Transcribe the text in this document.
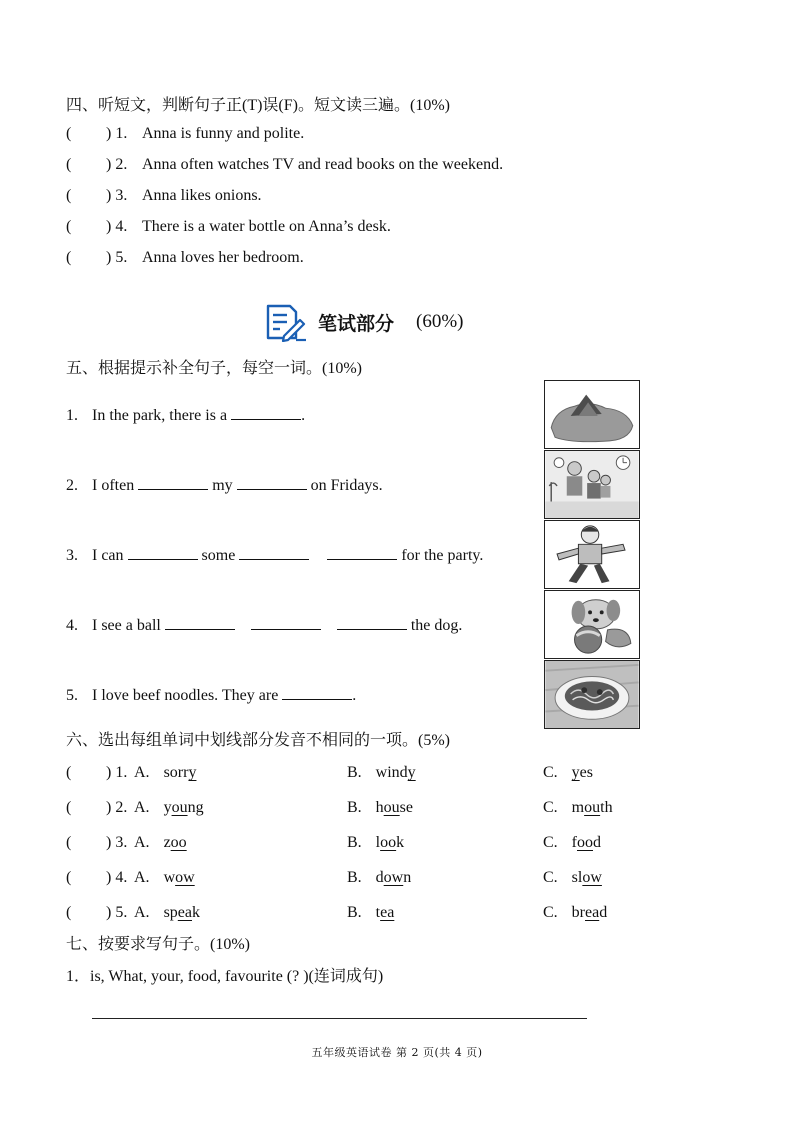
四、听短文，判断句子正(T)误(F)。短文读三遍。(10%)
( ) 1. Anna is funny and polite.
( ) 2. Anna often watches TV and read books on the weekend.
( ) 3. Anna likes onions.
( ) 4. There is a water bottle on Anna’s desk.
( ) 5. Anna loves her bedroom.
笔试部分 (60%)
五、根据提示补全句子，每空一词。(10%)
1. In the park, there is a	.
2. I often	my	on Fridays.
3. I can	some	for the party.
4. I see a ball	the dog.
5. I love beef noodles. They are	.
六、选出每组单词中划线部分发音不相同的一项。(5%)
( ) 1. A. sorry	B. windy	C. yes
( ) 2. A. young	B. house	C. mouth
( ) 3. A. zoo	B. look	C. food
( ) 4. A. wow	B. down	C. slow
( ) 5. A. speak	B. tea	C. bread
七、按要求写句子。(10%)
1．is, What, your, food, favourite (? )(连词成句)
五年级英语试卷 第 2 页(共 4 页)
